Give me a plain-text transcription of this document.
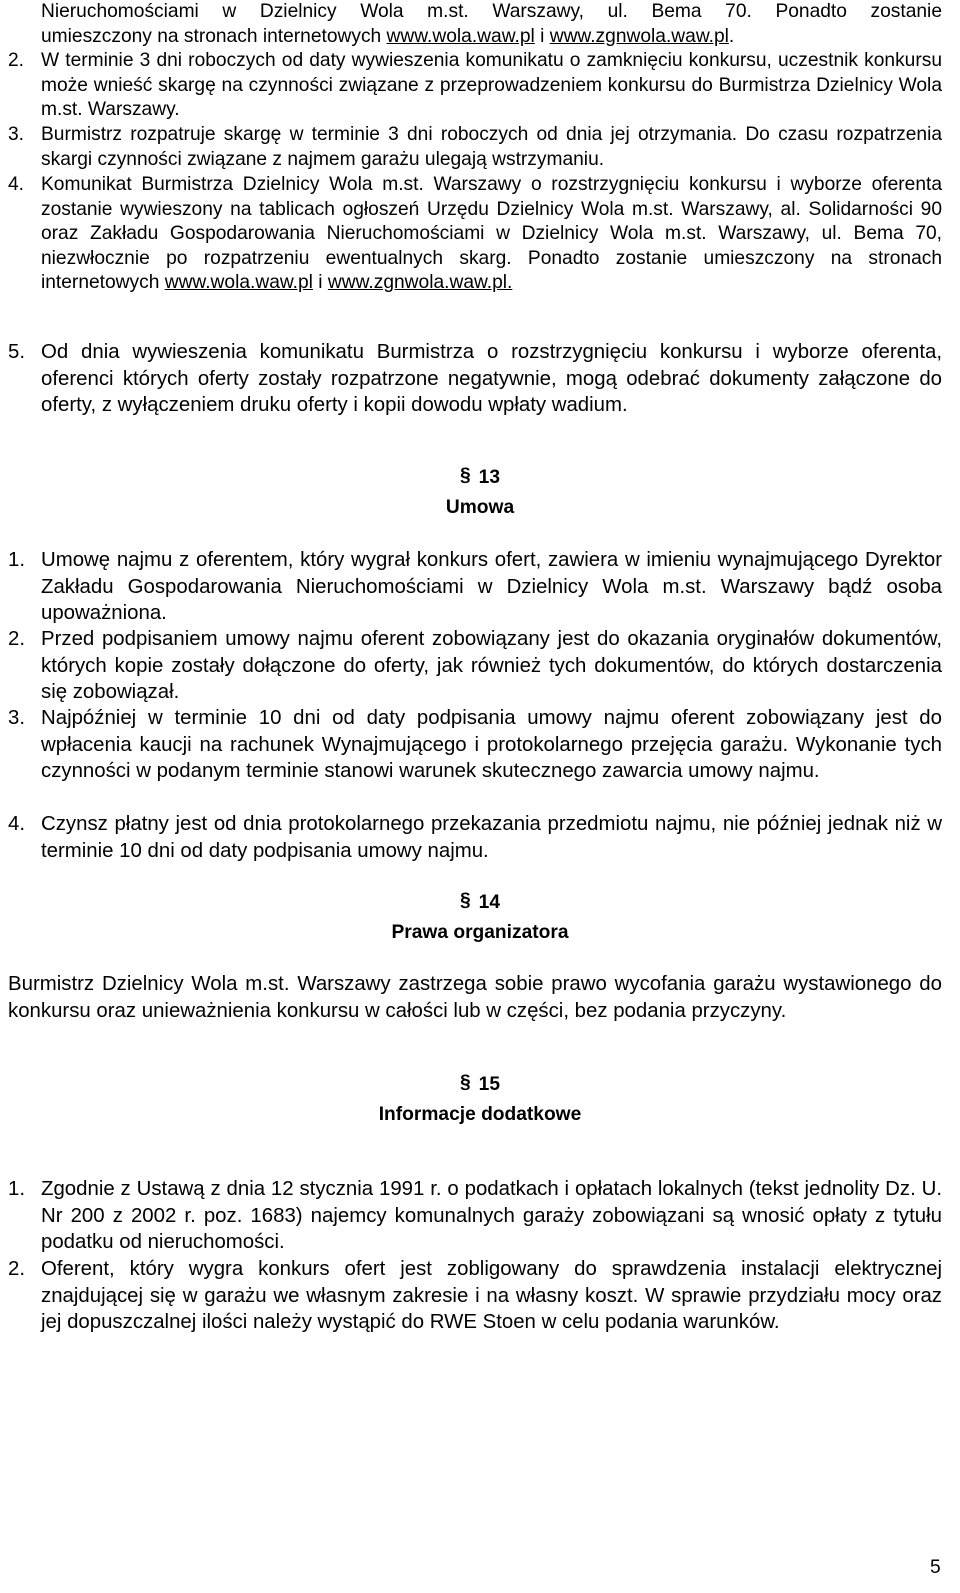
Nieruchomościami w Dzielnicy Wola m.st. Warszawy, ul. Bema 70. Ponadto zostanie
umieszczony na stronach internetowych www.wola.waw.pl i www.zgnwola.waw.pl.
2. W terminie 3 dni roboczych od daty wywieszenia komunikatu o zamknięciu konkursu, uczestnik konkursu może wnieść skargę na czynności związane z przeprowadzeniem konkursu do Burmistrza Dzielnicy Wola m.st. Warszawy.
3. Burmistrz rozpatruje skargę w terminie 3 dni roboczych od dnia jej otrzymania. Do czasu rozpatrzenia skargi czynności związane z najmem garażu ulegają wstrzymaniu.
4. Komunikat Burmistrza Dzielnicy Wola m.st. Warszawy o rozstrzygnięciu konkursu i wyborze oferenta zostanie wywieszony na tablicach ogłoszeń Urzędu Dzielnicy Wola m.st. Warszawy, al. Solidarności 90 oraz Zakładu Gospodarowania Nieruchomościami w Dzielnicy Wola m.st. Warszawy, ul. Bema 70, niezwłocznie po rozpatrzeniu ewentualnych skarg. Ponadto zostanie umieszczony na stronach internetowych www.wola.waw.pl i www.zgnwola.waw.pl.
5. Od dnia wywieszenia komunikatu Burmistrza o rozstrzygnięciu konkursu i wyborze oferenta, oferenci których oferty zostały rozpatrzone negatywnie, mogą odebrać dokumenty załączone do oferty, z wyłączeniem druku oferty i kopii dowodu wpłaty wadium.
§ 13
Umowa
1. Umowę najmu z oferentem, który wygrał konkurs ofert, zawiera w imieniu wynajmującego Dyrektor Zakładu Gospodarowania Nieruchomościami w Dzielnicy Wola m.st. Warszawy bądź osoba upoważniona.
2. Przed podpisaniem umowy najmu oferent zobowiązany jest do okazania oryginałów dokumentów, których kopie zostały dołączone do oferty, jak również tych dokumentów, do których dostarczenia się zobowiązał.
3. Najpóźniej w terminie 10 dni od daty podpisania umowy najmu oferent zobowiązany jest do wpłacenia kaucji na rachunek Wynajmującego i protokolarnego przejęcia garażu. Wykonanie tych czynności w podanym terminie stanowi warunek skutecznego zawarcia umowy najmu.
4. Czynsz płatny jest od dnia protokolarnego przekazania przedmiotu najmu, nie później jednak niż w terminie 10 dni od daty podpisania umowy najmu.
§ 14
Prawa organizatora
Burmistrz Dzielnicy Wola m.st. Warszawy zastrzega sobie prawo wycofania garażu wystawionego do konkursu oraz unieważnienia konkursu w całości lub w części, bez podania przyczyny.
§ 15
Informacje dodatkowe
1. Zgodnie z Ustawą z dnia 12 stycznia 1991 r. o podatkach i opłatach lokalnych (tekst jednolity Dz. U. Nr 200 z 2002 r. poz. 1683) najemcy komunalnych garaży zobowiązani są wnosić opłaty z tytułu podatku od nieruchomości.
2. Oferent, który wygra konkurs ofert jest zobligowany do sprawdzenia instalacji elektrycznej znajdującej się w garażu we własnym zakresie i na własny koszt. W sprawie przydziału mocy oraz jej dopuszczalnej ilości należy wystąpić do RWE Stoen w celu podania warunków.
5
